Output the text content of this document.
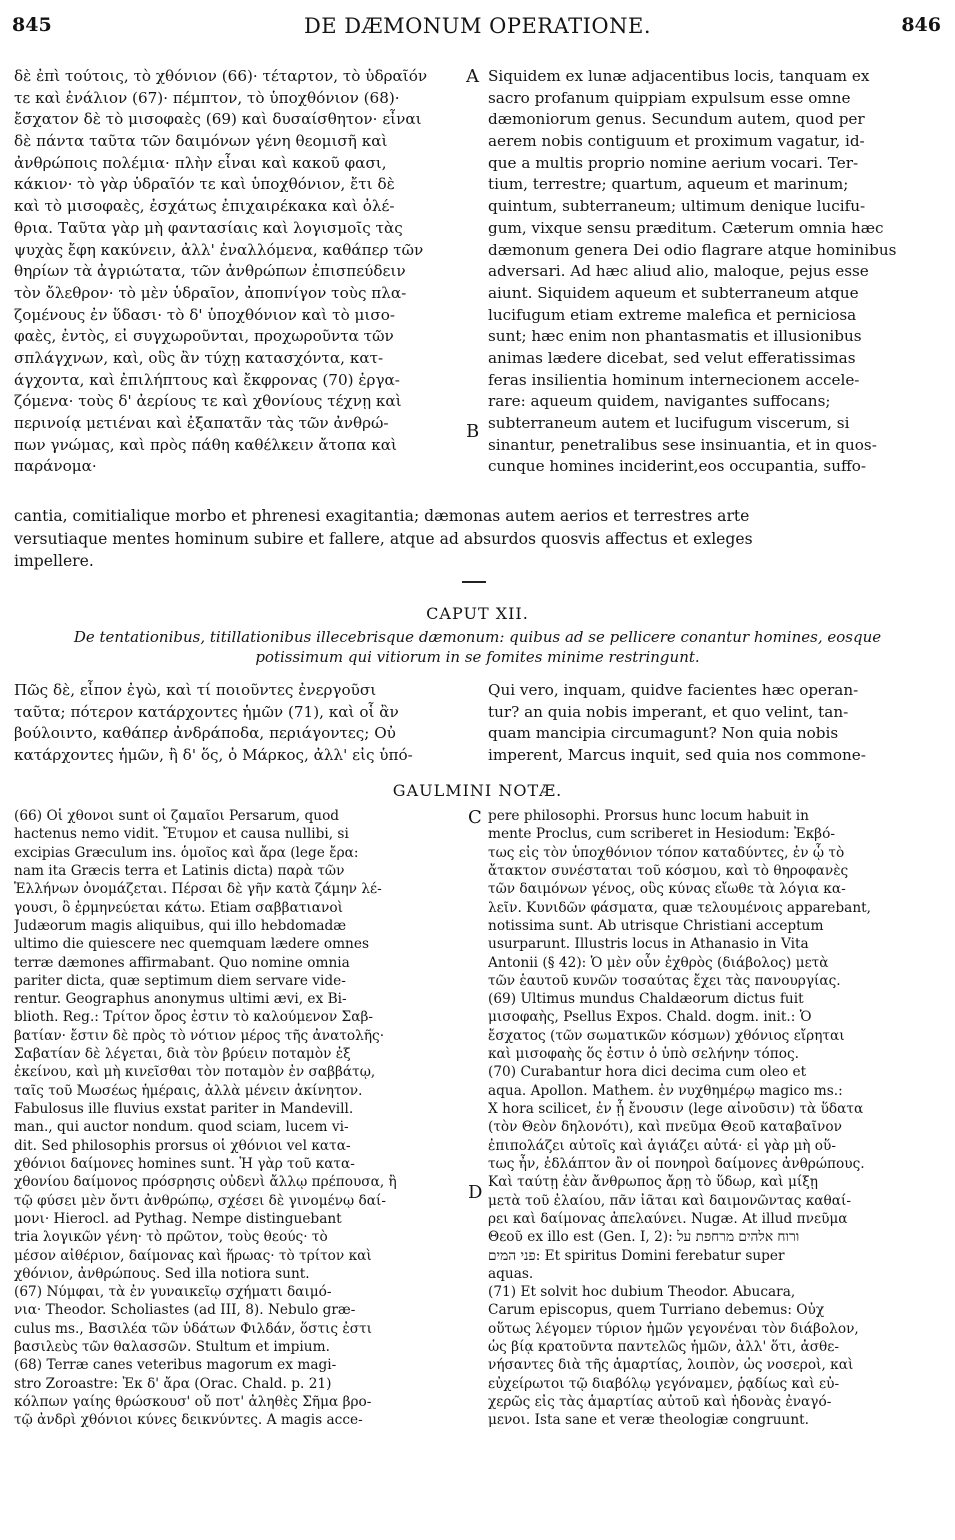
845	DE DÆMONUM OPERATIONE.	846
A
B
C
D
δὲ ἐπὶ τούτοις, τὸ χθόνιον (66)· τέταρτον, τὸ ὑδραῖόν
τε καὶ ἐνάλιον (67)· πέμπτον, τὸ ὑποχθόνιον (68)·
ἔσχατον δὲ τὸ μισοφαὲς (69) καὶ δυσαίσθητον· εἶναι
δὲ πάντα ταῦτα τῶν δαιμόνων γένη θεομισῆ καὶ
ἀνθρώποις πολέμια· πλὴν εἶναι καὶ κακοῦ φασι,
κάκιον· τὸ γὰρ ὑδραῖόν τε καὶ ὑποχθόνιον, ἔτι δὲ
καὶ τὸ μισοφαὲς, ἐσχάτως ἐπιχαιρέκακα καὶ ὀλέ-
θρια. Ταῦτα γὰρ μὴ φαντασίαις καὶ λογισμοῖς τὰς
ψυχὰς ἔφη κακύνειν, ἀλλ' ἐναλλόμενα, καθάπερ τῶν
θηρίων τὰ ἀγριώτατα, τῶν ἀνθρώπων ἐπισπεύδειν
τὸν ὄλεθρον· τὸ μὲν ὑδραῖον, ἀποπνίγον τοὺς πλα-
ζομένους ἐν ὕδασι· τὸ δ' ὑποχθόνιον καὶ τὸ μισο-
φαὲς, ἐντὸς, εἰ συγχωροῦνται, προχωροῦντα τῶν
σπλάγχνων, καὶ, οὓς ἂν τύχῃ κατασχόντα, κατ-
άγχοντα, καὶ ἐπιλήπτους καὶ ἔκφρονας (70) ἐργα-
ζόμενα· τοὺς δ' ἀερίους τε καὶ χθονίους τέχνῃ καὶ
περινοίᾳ μετιέναι καὶ ἐξαπατᾶν τὰς τῶν ἀνθρώ-
πων γνώμας, καὶ πρὸς πάθη καθέλκειν ἄτοπα καὶ
παράνομα·
Siquidem ex lunæ adjacentibus locis, tanquam ex
sacro profanum quippiam expulsum esse omne
dæmoniorum genus. Secundum autem, quod per
aerem nobis contiguum et proximum vagatur, id-
que a multis proprio nomine aerium vocari. Ter-
tium, terrestre; quartum, aqueum et marinum;
quintum, subterraneum; ultimum denique lucifu-
gum, vixque sensu præditum. Cæterum omnia hæc
dæmonum genera Dei odio flagrare atque hominibus
adversari. Ad hæc aliud alio, maloque, pejus esse
aiunt. Siquidem aqueum et subterraneum atque
lucifugum etiam extreme malefica et perniciosa
sunt; hæc enim non phantasmatis et illusionibus
animas lædere dicebat, sed velut efferatissimas
feras insilientia hominum internecionem accele-
rare: aqueum quidem, navigantes suffocans;
subterraneum autem et lucifugum viscerum, si
sinantur, penetralibus sese insinuantia, et in quos-
cunque homines inciderint,eos occupantia, suffo-
cantia, comitialique morbo et phrenesi exagitantia; dæmonas autem aerios et terrestres arte
versutiaque mentes hominum subire et fallere, atque ad absurdos quosvis affectus et exleges
impellere.
CAPUT XII.
De tentationibus, titillationibus illecebrisque dæmonum: quibus ad se pellicere conantur homines, eosque
potissimum qui vitiorum in se fomites minime restringunt.
Πῶς δὲ, εἶπον ἐγὼ, καὶ τί ποιοῦντες ἐνεργοῦσι
ταῦτα; πότερον κατάρχοντες ἡμῶν (71), καὶ οἷ ἂν
βούλοιντο, καθάπερ ἀνδράποδα, περιάγοντες; Οὐ
κατάρχοντες ἡμῶν, ἢ δ' ὅς, ὁ Μάρκος, ἀλλ' εἰς ὑπό-
Qui vero, inquam, quidve facientes hæc operan-
tur? an quia nobis imperant, et quo velint, tan-
quam mancipia circumagunt? Non quia nobis
imperent, Marcus inquit, sed quia nos commone-
GAULMINI NOTÆ.
(66) Οἱ χθονοι sunt οἱ ζαμαῖοι Persarum, quod
hactenus nemo vidit. Ἔτυμον et causa nullibi, si
excipias Græculum ins. ὁμοῖος καὶ ἄρα (lege ἔρα:
nam ita Græcis terra et Latinis dicta) παρὰ τῶν
Ἑλλήνων ὀνομάζεται. Πέρσαι δὲ γῆν κατὰ ζάμην λέ-
γουσι, ὃ ἑρμηνεύεται κάτω. Etiam σαββατιανοὶ
Judæorum magis aliquibus, qui illo hebdomadæ
ultimo die quiescere nec quemquam lædere omnes
terræ dæmones affirmabant. Quo nomine omnia
pariter dicta, quæ septimum diem servare vide-
rentur. Geographus anonymus ultimi ævi, ex Bi-
blioth. Reg.: Τρίτον ὄρος ἐστιν τὸ καλούμενον Σαβ-
βατίαν· ἔστιν δὲ πρὸς τὸ νότιον μέρος τῆς ἀνατολῆς·
Σαβατίαν δὲ λέγεται, διὰ τὸν βρύειν ποταμὸν ἐξ
ἐκείνου, καὶ μὴ κινεῖσθαι τὸν ποταμὸν ἐν σαββάτῳ,
ταῖς τοῦ Μωσέως ἡμέραις, ἀλλὰ μένειν ἀκίνητον.
Fabulosus ille fluvius exstat pariter in Mandevill.
man., qui auctor nondum. quod sciam, lucem vi-
dit. Sed philosophis prorsus οἱ χθόνιοι vel κατα-
χθόνιοι δαίμονες homines sunt. Ἡ γὰρ τοῦ κατα-
χθονίου δαίμονος πρόσρησις οὐδενὶ ἄλλῳ πρέπουσα, ἢ
τῷ φύσει μὲν ὄντι ἀνθρώπῳ, σχέσει δὲ γινομένῳ δαί-
μονι· Hierocl. ad Pythag. Nempe distinguebant
tria λογικῶν γένη· τὸ πρῶτον, τοὺς θεούς· τὸ
μέσον αἰθέριον, δαίμονας καὶ ἥρωας· τὸ τρίτον καὶ
χθόνιον, ἀνθρώπους. Sed illa notiora sunt.
(67) Νύμφαι, τὰ ἐν γυναικεῖῳ σχήματι δαιμό-
νια· Theodor. Scholiastes (ad III, 8). Nebulo græ-
culus ms., Βασιλέα τῶν ὑδάτων Φιλδάν, ὅστις ἐστι
βασιλεὺς τῶν θαλασσῶν. Stultum et impium.
(68) Terræ canes veteribus magorum ex magi-
stro Zoroastre: Ἐκ δ' ἄρα (Orac. Chald. p. 21)
κόλπων γαίης θρώσκουσ' οὔ ποτ' ἀληθὲς Σῆμα βρο-
τῷ ἀνδρὶ χθόνιοι κύνες δεικνύντες. A magis acce-
pere philosophi. Prorsus hunc locum habuit in
mente Proclus, cum scriberet in Hesiodum: Ἐκβό-
τως εἰς τὸν ὑποχθόνιον τόπον καταδύντες, ἐν ᾧ τὸ
ἄτακτον συνέσταται τοῦ κόσμου, καὶ τὸ θηροφανὲς
τῶν δαιμόνων γένος, οὓς κύνας εἴωθε τὰ λόγια κα-
λεῖν. Κυνιδῶν φάσματα, quæ τελουμένοις apparebant,
notissima sunt. Ab utrisque Christiani acceptum
usurparunt. Illustris locus in Athanasio in Vita
Antonii (§ 42): Ὁ μὲν οὖν ἐχθρὸς (διάβολος) μετὰ
τῶν ἑαυτοῦ κυνῶν τοσαύτας ἔχει τὰς πανουργίας.
(69) Ultimus mundus Chaldæorum dictus fuit
μισοφαὴς, Psellus Expos. Chald. dogm. init.: Ὁ
ἔσχατος (τῶν σωματικῶν κόσμων) χθόνιος εἴρηται
καὶ μισοφαὴς ὅς ἐστιν ὁ ὑπὸ σελήνην τόπος.
(70) Curabantur hora dici decima cum oleo et
aqua. Apollon. Mathem. ἐν νυχθημέρῳ magico ms.:
X hora scilicet, ἐν ᾗ ἔνουσιν (lege αἰνοῦσιν) τὰ ὕδατα
(τὸν Θεὸν δηλονότι), καὶ πνεῦμα Θεοῦ καταβαῖνον
ἐπιπολάζει αὐτοῖς καὶ ἁγιάζει αὐτά· εἰ γὰρ μὴ οὕ-
τως ἦν, ἐδλάπτον ἂν οἱ πονηροὶ δαίμονες ἀνθρώπους.
Καὶ ταύτῃ ἐὰν ἄνθρωπος ἄρῃ τὸ ὕδωρ, καὶ μίξῃ
μετὰ τοῦ ἐλαίου, πᾶν ἰᾶται καὶ δαιμονῶντας καθαί-
ρει καὶ δαίμονας ἀπελαύνει. Nugæ. At illud πνεῦμα
Θεοῦ ex illo est (Gen. I, 2): ורוח אלהים מרחפת על
פני המים: Et spiritus Domini ferebatur super
aquas.
(71) Et solvit hoc dubium Theodor. Abucara,
Carum episcopus, quem Turriano debemus: Οὐχ
οὕτως λέγομεν τύριον ἡμῶν γεγονέναι τὸν διάβολον,
ὡς βίᾳ κρατοῦντα παντελῶς ἡμῶν, ἀλλ' ὅτι, ἀσθε-
νήσαντες διὰ τῆς ἁμαρτίας, λοιπὸν, ὡς νοσεροὶ, καὶ
εὐχείρωτοι τῷ διαβόλῳ γεγόναμεν, ῥᾳδίως καὶ εὐ-
χερῶς εἰς τὰς ἁμαρτίας αὐτοῦ καὶ ἡδονὰς ἐναγό-
μενοι. Ista sane et veræ theologiæ congruunt.
